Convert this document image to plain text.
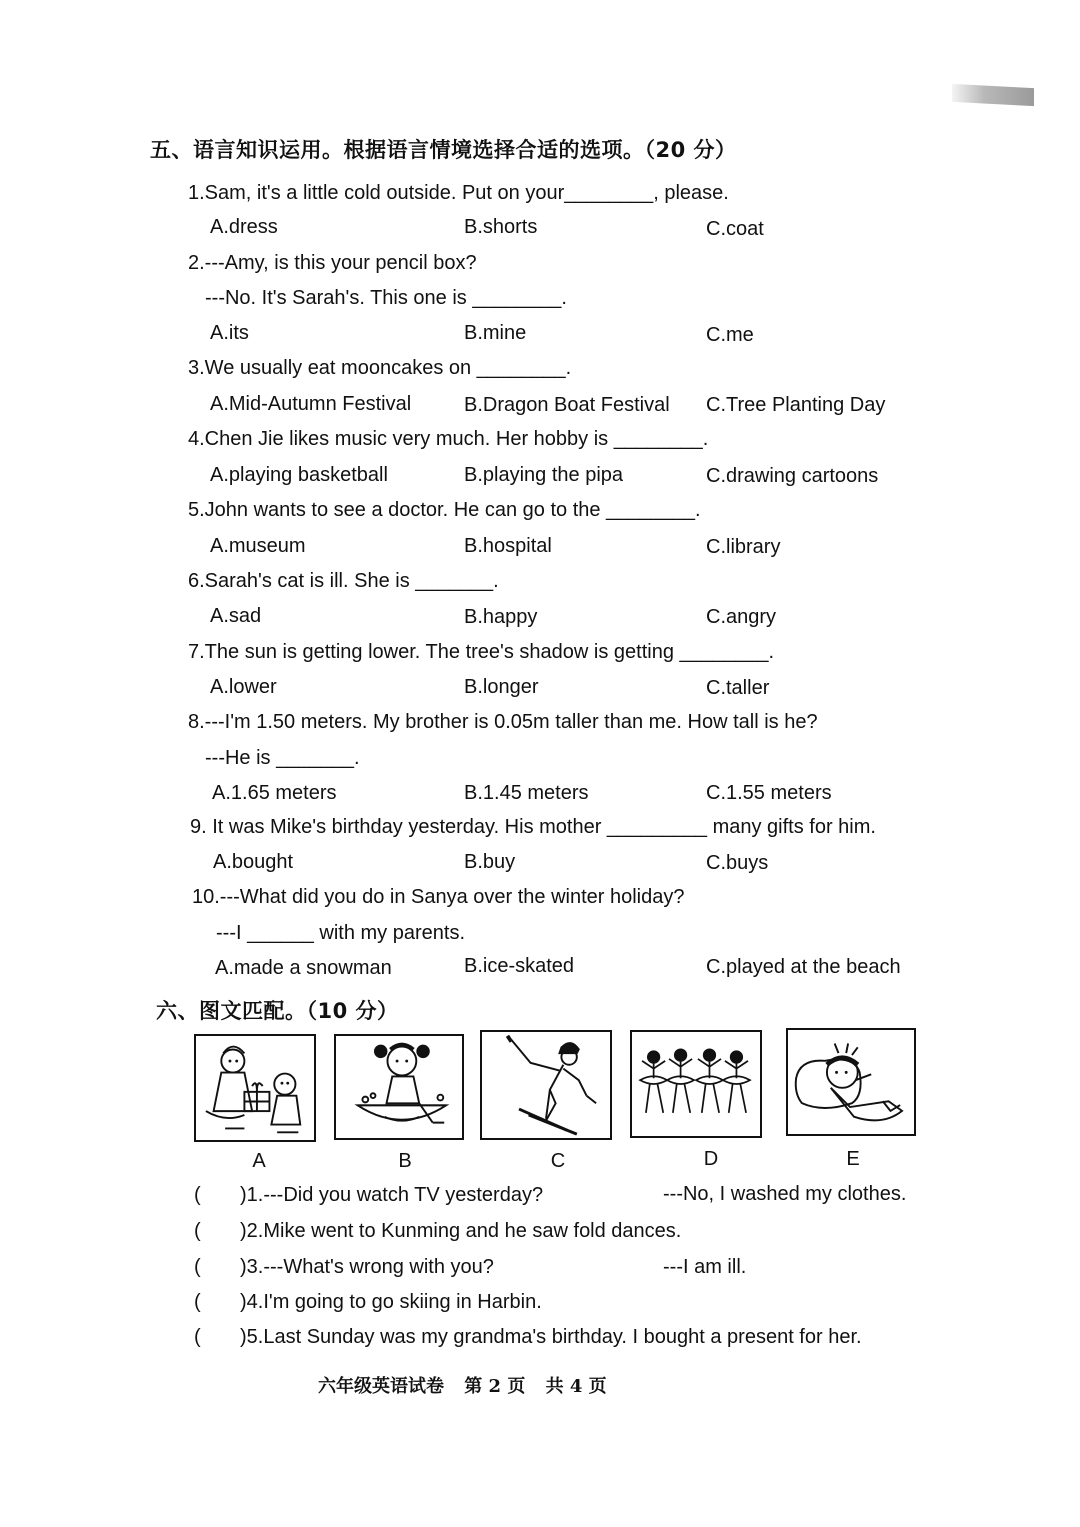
五、语言知识运用。根据语言情境选择合适的选项。（20 分）
1.Sam, it's a little cold outside. Put on your________, please.
A.dress	B.shorts	C.coat
2.---Amy, is this your pencil box?
---No. It's Sarah's. This one is ________.
A.its	B.mine	C.me
3.We usually eat mooncakes on ________.
A.Mid-Autumn Festival	B.Dragon Boat Festival C.Tree Planting Day
4.Chen Jie likes music very much. Her hobby is ________.
A.playing basketball	B.playing the pipa	C.drawing cartoons
5.John wants to see a doctor. He can go to the ________.
A.museum	B.hospital	C.library
6.Sarah's cat is ill. She is _______.
A.sad	B.happy	C.angry
7.The sun is getting lower. The tree's shadow is getting ________.
A.lower	B.longer	C.taller
8.---I'm 1.50 meters. My brother is 0.05m taller than me. How tall is he?
---He is _______.
A.1.65 meters	B.1.45 meters	C.1.55 meters
9. It was Mike's birthday yesterday. His mother _________ many gifts for him.
A.bought	B.buy	C.buys
10.---What did you do in Sanya over the winter holiday?
---I ______ with my parents.
A.made a snowman	B.ice-skated	C.played at the beach
六、图文匹配。（10 分）
A	B	C	D	E
( )1.---Did you watch TV yesterday?	---No, I washed my clothes.
( )2.Mike went to Kunming and he saw fold dances.
( )3.---What's wrong with you?	---I am ill.
( )4.I'm going to go skiing in Harbin.
( )5.Last Sunday was my grandma's birthday. I bought a present for her.
六年级英语试卷 第 2 页 共 4 页
